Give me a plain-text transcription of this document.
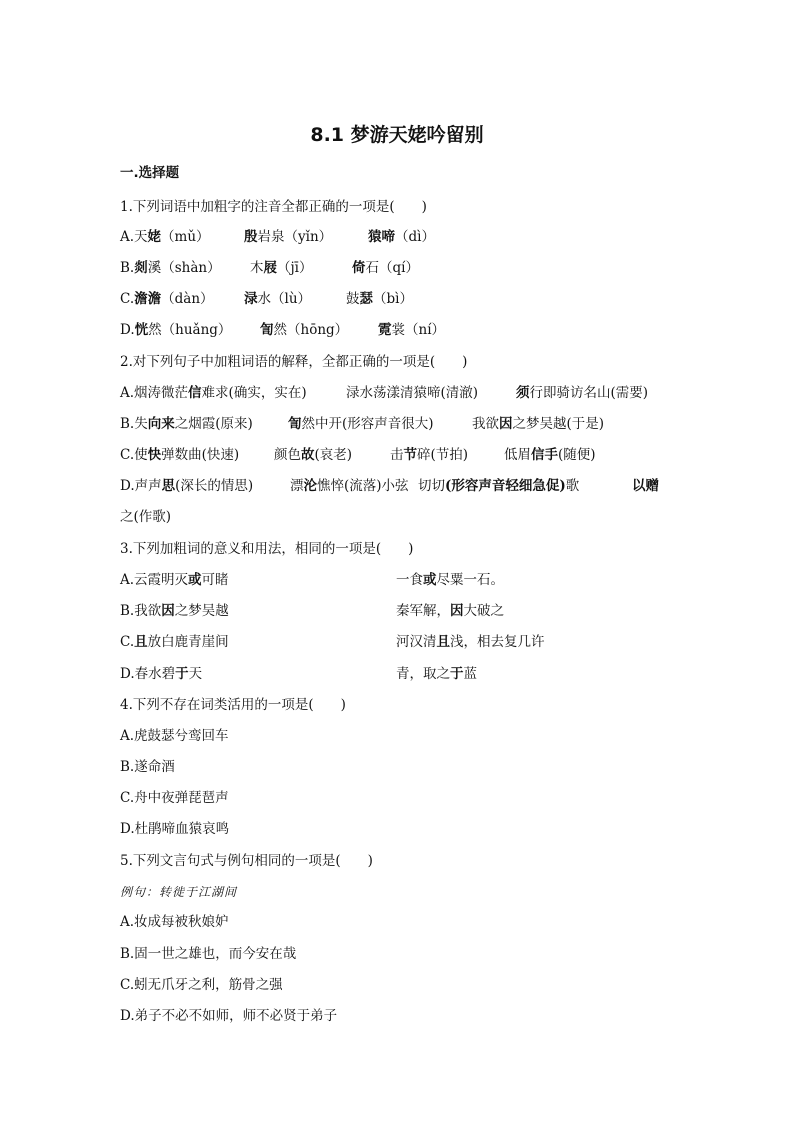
8.1 梦游天姥吟留别
一.选择题
1.下列词语中加粗字的注音全都正确的一项是(　　)
A.天姥（mǔ）	殷岩泉（yǐn）	猿啼（dì）
B.剡溪（shàn） 木屐（jī）	倚石（qí）
C.澹澹（dàn） 渌水（lù）	鼓瑟（bì）
D.恍然（huǎng） 訇然（hōng） 霓裳（ní）
2.对下列句子中加粗词语的解释，全都正确的一项是(　　)
A.烟涛微茫信难求(确实，实在)	渌水荡漾清猿啼(清澈)	须行即骑访名山(需要)
B.失向来之烟霞(原来)	訇然中开(形容声音很大)	我欲因之梦吴越(于是)
C.使快弹数曲(快速)	颜色故(哀老)	击节碎(节拍)	低眉信手(随便)
D.声声思(深长的情思)	漂沦憔悴(流落)小弦 切切(形容声音轻细急促)歌	以赠
之(作歌)
3.下列加粗词的意义和用法，相同的一项是(　　)
A.云霞明灭或可睹	一食或尽粟一石。
B.我欲因之梦吴越	秦军解，因大破之
C.且放白鹿青崖间	河汉清且浅，相去复几许
D.春水碧于天	青，取之于蓝
4.下列不存在词类活用的一项是(　　)
A.虎鼓瑟兮鸾回车
B.遂命酒
C.舟中夜弹琵琶声
D.杜鹃啼血猿哀鸣
5.下列文言句式与例句相同的一项是(　　)
例句：转徙于江湖间
A.妆成每被秋娘妒
B.固一世之雄也，而今安在哉
C.蚓无爪牙之利，筋骨之强
D.弟子不必不如师，师不必贤于弟子
